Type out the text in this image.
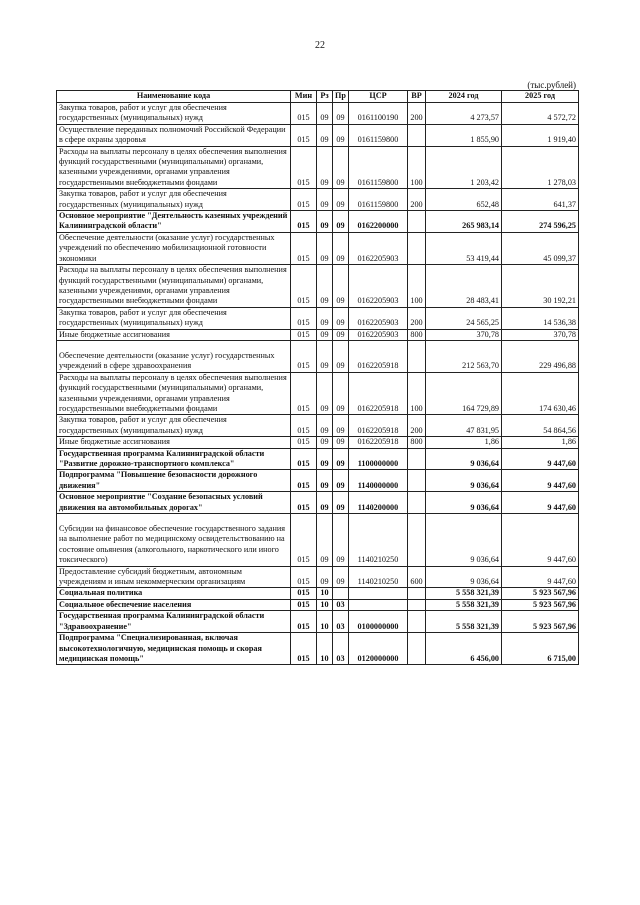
22
(тыс.рублей)
Наименование кода	Мин	Рз	Пр	ЦСР	ВР	2024 год	2025 год
Закупка товаров, работ и услуг для обеспечения государственных (муниципальных) нужд	015	09	09	0161100190	200	4 273,57	4 572,72
Осуществление переданных полномочий Российской Федерации в сфере охраны здоровья	015	09	09	0161159800		1 855,90	1 919,40
Расходы на выплаты персоналу в целях обеспечения выполнения функций государственными (муниципальными) органами, казенными учреждениями, органами управления государственными внебюджетными фондами	015	09	09	0161159800	100	1 203,42	1 278,03
Закупка товаров, работ и услуг для обеспечения государственных (муниципальных) нужд	015	09	09	0161159800	200	652,48	641,37
Основное мероприятие "Деятельность казенных учреждений Калининградской области"	015	09	09	0162200000		265 983,14	274 596,25
Обеспечение деятельности (оказание услуг) государственных учреждений по обеспечению мобилизационной готовности экономики	015	09	09	0162205903		53 419,44	45 099,37
Расходы на выплаты персоналу в целях обеспечения выполнения функций государственными (муниципальными) органами, казенными учреждениями, органами управления государственными внебюджетными фондами	015	09	09	0162205903	100	28 483,41	30 192,21
Закупка товаров, работ и услуг для обеспечения государственных (муниципальных) нужд	015	09	09	0162205903	200	24 565,25	14 536,38
Иные бюджетные ассигнования	015	09	09	0162205903	800	370,78	370,78
Обеспечение деятельности (оказание услуг) государственных учреждений в сфере здравоохранения	015	09	09	0162205918		212 563,70	229 496,88
Расходы на выплаты персоналу в целях обеспечения выполнения функций государственными (муниципальными) органами, казенными учреждениями, органами управления государственными внебюджетными фондами	015	09	09	0162205918	100	164 729,89	174 630,46
Закупка товаров, работ и услуг для обеспечения государственных (муниципальных) нужд	015	09	09	0162205918	200	47 831,95	54 864,56
Иные бюджетные ассигнования	015	09	09	0162205918	800	1,86	1,86
Государственная программа Калининградской области "Развитие дорожно-транспортного комплекса"	015	09	09	1100000000		9 036,64	9 447,60
Подпрограмма "Повышение безопасности дорожного движения"	015	09	09	1140000000		9 036,64	9 447,60
Основное мероприятие "Создание безопасных условий движения на автомобильных дорогах"	015	09	09	1140200000		9 036,64	9 447,60
Субсидии на финансовое обеспечение государственного задания на выполнение работ по медицинскому освидетельствованию на состояние опьянения (алкогольного, наркотического или иного токсического)	015	09	09	1140210250		9 036,64	9 447,60
Предоставление субсидий бюджетным, автономным учреждениям и иным некоммерческим организациям	015	09	09	1140210250	600	9 036,64	9 447,60
Социальная политика	015	10				5 558 321,39	5 923 567,96
Социальное обеспечение населения	015	10	03			5 558 321,39	5 923 567,96
Государственная программа Калининградской области "Здравоохранение"	015	10	03	0100000000		5 558 321,39	5 923 567,96
Подпрограмма "Специализированная, включая высокотехнологичную, медицинская помощь и скорая медицинская помощь"	015	10	03	0120000000		6 456,00	6 715,00
